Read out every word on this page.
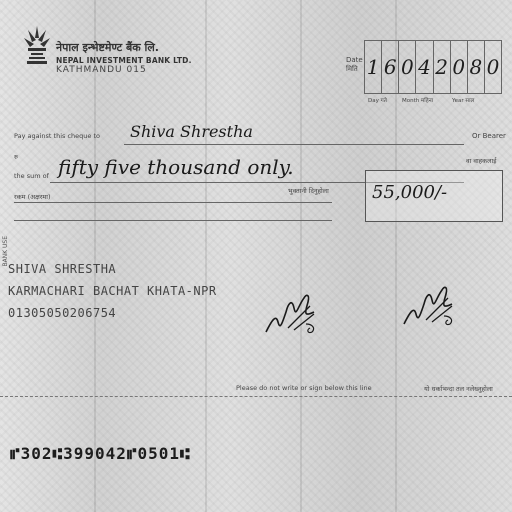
नेपाल इन्भेष्टमेण्ट बैंक लि.
NEPAL INVESTMENT BANK LTD.
KATHMANDU 015
Date
मिति 1 6 0 4 2 0 8 0
Day गते	Month महिना	Year साल
Pay against this cheque to Shiva Shrestha	Or Bearer
वा वाहकलाई
रु
the sum of fifty five thousand only.
रकम (अक्षरमा)
भुक्तानी दिनुहोला 55,000/-
BANK USE
SHIVA SHRESTHA
KARMACHARI BACHAT KHATA-NPR
01305050206754
Please do not write or sign below this line	यो धर्काभन्दा तल नलेख्नुहोला
⑈302⑆399042⑈0501⑆
